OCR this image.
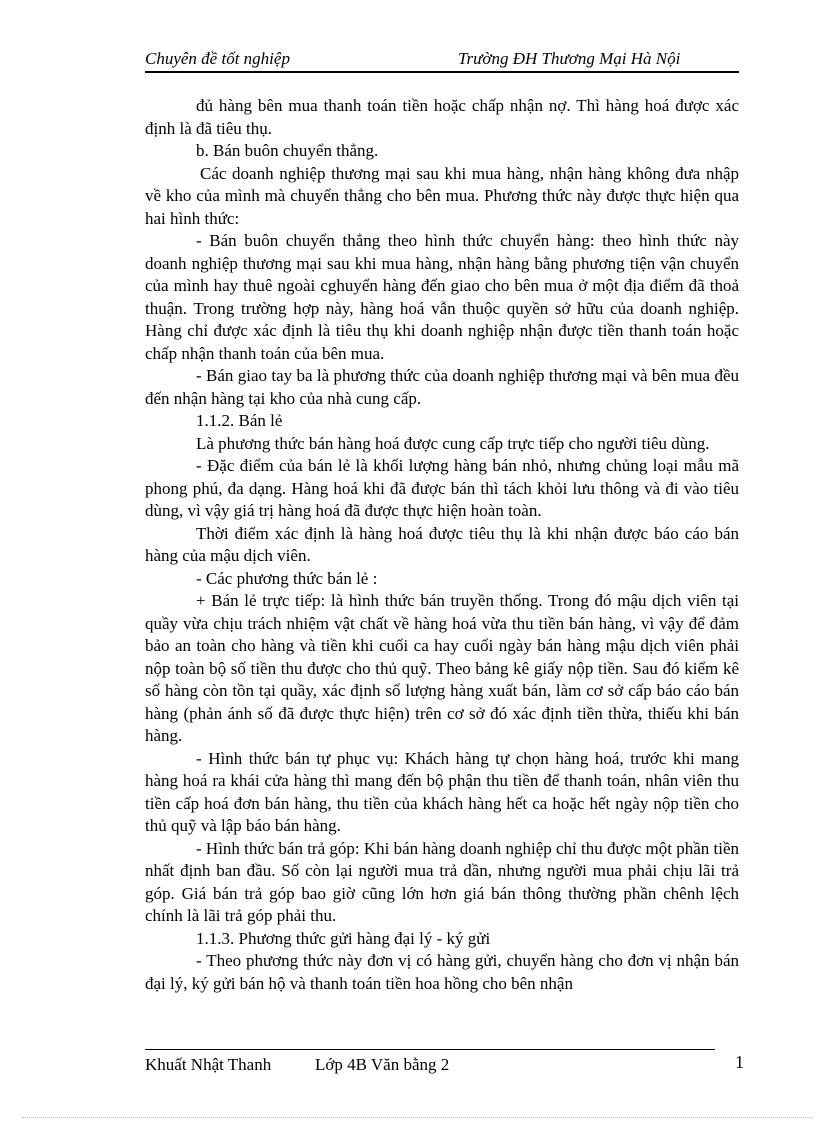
Chuyên đề tốt nghiệp	Trường ĐH Thương Mại Hà Nội

đủ hàng bên mua thanh toán tiền hoặc chấp nhận nợ. Thì hàng hoá được xác định là đã tiêu thụ.

b. Bán buôn chuyển thẳng.

Các doanh nghiệp thương mại sau khi mua hàng, nhận hàng không đưa nhập về kho của mình mà chuyển thẳng cho bên mua. Phương thức này được thực hiện qua hai hình thức:

- Bán buôn chuyển thẳng theo hình thức chuyển hàng: theo hình thức này doanh nghiệp thương mại sau khi mua hàng, nhận hàng bằng phương tiện vận chuyển của mình hay thuê ngoài cghuyển hàng đến giao cho bên mua ở một địa điểm đã thoả thuận. Trong trường hợp này, hàng hoá vẫn thuộc quyền sở hữu của doanh nghiệp. Hàng chỉ được xác định là tiêu thụ khi doanh nghiệp nhận được tiền thanh toán hoặc chấp nhận thanh toán của bên mua.

- Bán giao tay ba là phương thức của doanh nghiệp thương mại và bên mua đều đến nhận hàng tại kho của nhà cung cấp.

1.1.2. Bán lẻ

Là phương thức bán hàng hoá được cung cấp trực tiếp cho người tiêu dùng.

- Đặc điểm của bán lẻ là khối lượng hàng bán nhỏ, nhưng chủng loại mẫu mã phong phú, đa dạng. Hàng hoá khi đã được bán thì tách khỏi lưu thông và đi vào tiêu dùng, vì vậy giá trị hàng hoá đã được thực hiện hoàn toàn.

Thời điểm xác định là hàng hoá được tiêu thụ là khi nhận được báo cáo bán hàng của mậu dịch viên.

- Các phương thức bán lẻ :

+ Bán lẻ trực tiếp: là hình thức bán truyền thống. Trong đó mậu dịch viên tại quầy vừa chịu trách nhiệm vật chất về hàng hoá vừa thu tiền bán hàng, vì vậy để đảm bảo an toàn cho hàng và tiền khi cuối ca hay cuối ngày bán hàng mậu dịch viên phải nộp toàn bộ số tiền thu được cho thủ quỹ. Theo bảng kê giấy nộp tiền. Sau đó kiểm kê số hàng còn tồn tại quầy, xác định số lượng hàng xuất bán, làm cơ sở cấp báo cáo bán hàng (phản ánh số đã được thực hiện) trên cơ sở đó xác định tiền thừa, thiếu khi bán hàng.

- Hình thức bán tự phục vụ: Khách hàng tự chọn hàng hoá, trước khi mang hàng hoá ra khái cửa hàng thì mang đến bộ phận thu tiền để thanh toán, nhân viên thu tiền cấp hoá đơn bán hàng, thu tiền của khách hàng hết ca hoặc hết ngày nộp tiền cho thủ quỹ và lập báo bán hàng.

- Hình thức bán trả góp: Khi bán hàng doanh nghiệp chỉ thu được một phần tiền nhất định ban đầu. Số còn lại người mua trả dần, nhưng người mua phải chịu lãi trả góp. Giá bán trả góp bao giờ cũng lớn hơn giá bán thông thường phần chênh lệch chính là lãi trả góp phải thu.

1.1.3. Phương thức gửi hàng đại lý - ký gửi

- Theo phương thức này đơn vị có hàng gửi, chuyển hàng cho đơn vị nhận bán đại lý, ký gửi bán hộ và thanh toán tiền hoa hồng cho bên nhận

Khuất Nhật Thanh	Lớp 4B Văn bằng 2	1
